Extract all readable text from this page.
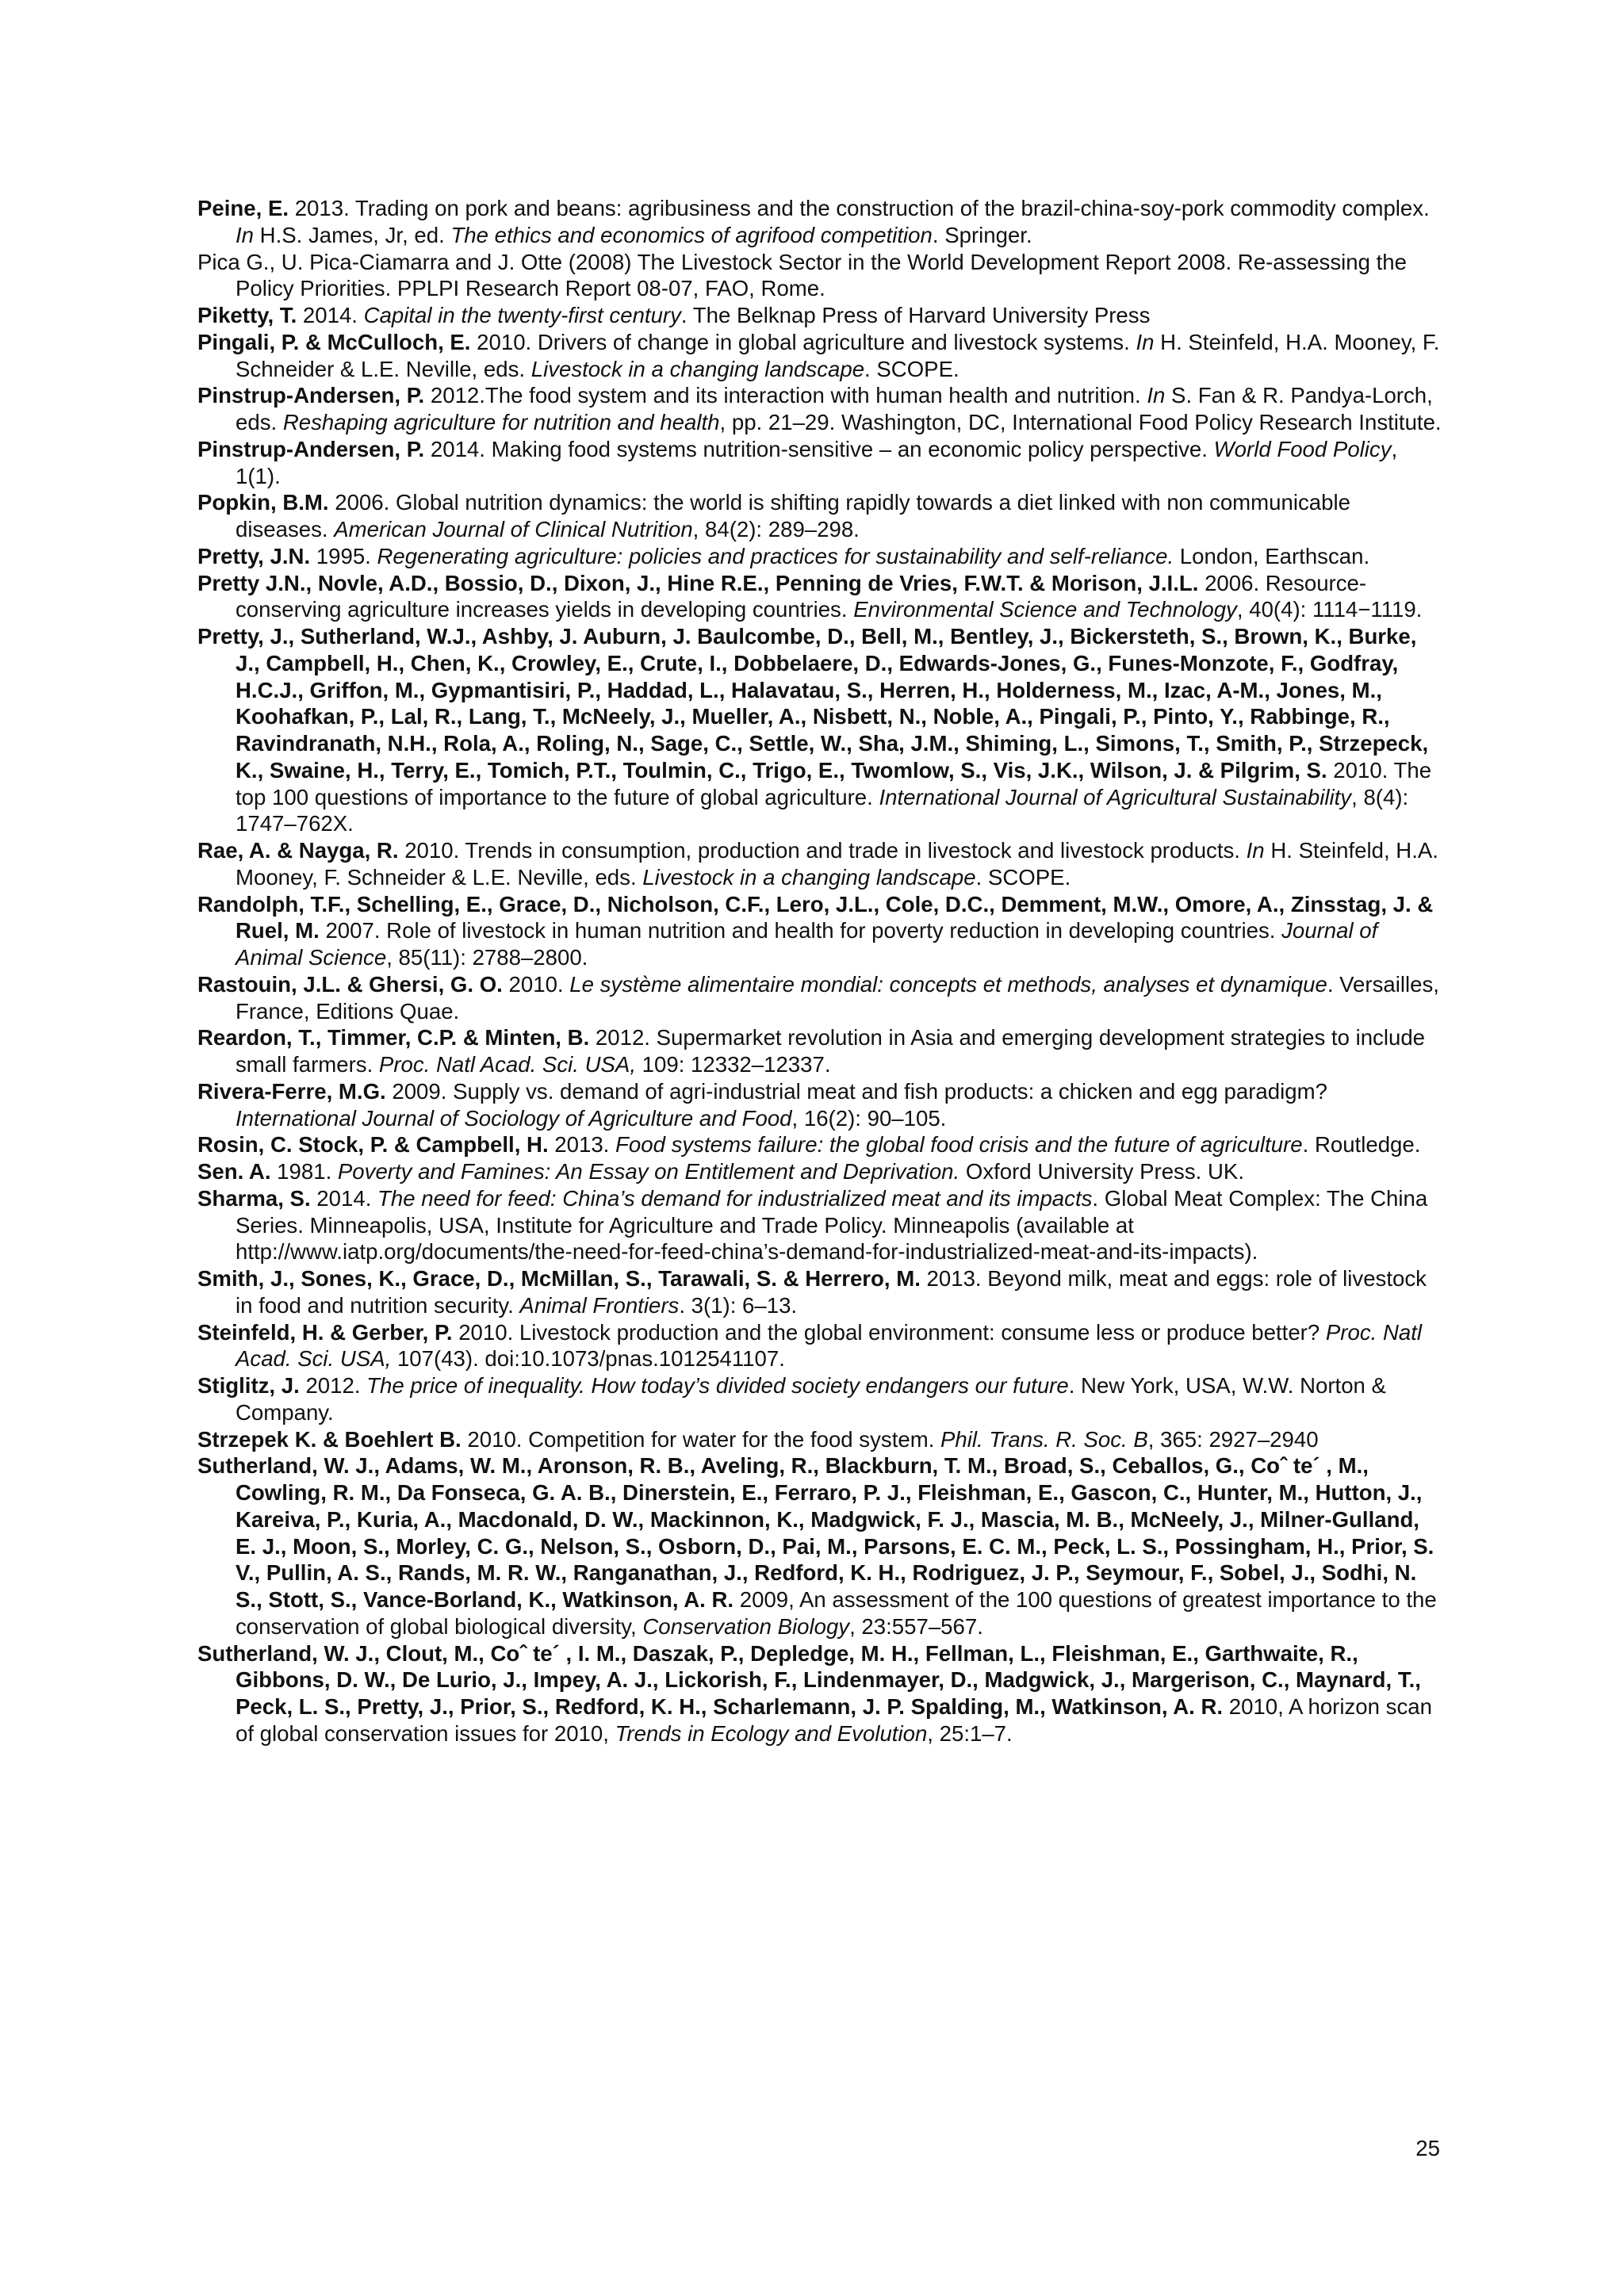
Peine, E. 2013. Trading on pork and beans: agribusiness and the construction of the brazil-china-soy-pork commodity complex. In H.S. James, Jr, ed. The ethics and economics of agrifood competition. Springer.

Pica G., U. Pica-Ciamarra and J. Otte (2008) The Livestock Sector in the World Development Report 2008. Re-assessing the Policy Priorities. PPLPI Research Report 08-07, FAO, Rome.

Piketty, T. 2014. Capital in the twenty-first century. The Belknap Press of Harvard University Press

Pingali, P. & McCulloch, E. 2010. Drivers of change in global agriculture and livestock systems. In H. Steinfeld, H.A. Mooney, F. Schneider & L.E. Neville, eds. Livestock in a changing landscape. SCOPE.

Pinstrup-Andersen, P. 2012.The food system and its interaction with human health and nutrition. In S. Fan & R. Pandya-Lorch, eds. Reshaping agriculture for nutrition and health, pp. 21–29. Washington, DC, International Food Policy Research Institute.

Pinstrup-Andersen, P. 2014. Making food systems nutrition-sensitive – an economic policy perspective. World Food Policy, 1(1).

Popkin, B.M. 2006. Global nutrition dynamics: the world is shifting rapidly towards a diet linked with non communicable diseases. American Journal of Clinical Nutrition, 84(2): 289–298.

Pretty, J.N. 1995. Regenerating agriculture: policies and practices for sustainability and self-reliance. London, Earthscan.

Pretty J.N., Novle, A.D., Bossio, D., Dixon, J., Hine R.E., Penning de Vries, F.W.T. & Morison, J.I.L. 2006. Resource-conserving agriculture increases yields in developing countries. Environmental Science and Technology, 40(4): 1114−1119.

Pretty, J., Sutherland, W.J., Ashby, J. Auburn, J. Baulcombe, D., Bell, M., Bentley, J., Bickersteth, S., Brown, K., Burke, J., Campbell, H., Chen, K., Crowley, E., Crute, I., Dobbelaere, D., Edwards-Jones, G., Funes-Monzote, F., Godfray, H.C.J., Griffon, M., Gypmantisiri, P., Haddad, L., Halavatau, S., Herren, H., Holderness, M., Izac, A-M., Jones, M., Koohafkan, P., Lal, R., Lang, T., McNeely, J., Mueller, A., Nisbett, N., Noble, A., Pingali, P., Pinto, Y., Rabbinge, R., Ravindranath, N.H., Rola, A., Roling, N., Sage, C., Settle, W., Sha, J.M., Shiming, L., Simons, T., Smith, P., Strzepeck, K., Swaine, H., Terry, E., Tomich, P.T., Toulmin, C., Trigo, E., Twomlow, S., Vis, J.K., Wilson, J. & Pilgrim, S. 2010. The top 100 questions of importance to the future of global agriculture. International Journal of Agricultural Sustainability, 8(4): 1747–762X.

Rae, A. & Nayga, R. 2010. Trends in consumption, production and trade in livestock and livestock products. In H. Steinfeld, H.A. Mooney, F. Schneider & L.E. Neville, eds. Livestock in a changing landscape. SCOPE.

Randolph, T.F., Schelling, E., Grace, D., Nicholson, C.F., Lero, J.L., Cole, D.C., Demment, M.W., Omore, A., Zinsstag, J. & Ruel, M. 2007. Role of livestock in human nutrition and health for poverty reduction in developing countries. Journal of Animal Science, 85(11): 2788–2800.

Rastouin, J.L. & Ghersi, G. O. 2010. Le système alimentaire mondial: concepts et methods, analyses et dynamique. Versailles, France, Editions Quae.

Reardon, T., Timmer, C.P. & Minten, B. 2012. Supermarket revolution in Asia and emerging development strategies to include small farmers. Proc. Natl Acad. Sci. USA, 109: 12332–12337.

Rivera-Ferre, M.G. 2009. Supply vs. demand of agri-industrial meat and fish products: a chicken and egg paradigm? International Journal of Sociology of Agriculture and Food, 16(2): 90–105.

Rosin, C. Stock, P. & Campbell, H. 2013. Food systems failure: the global food crisis and the future of agriculture. Routledge.

Sen. A. 1981. Poverty and Famines: An Essay on Entitlement and Deprivation. Oxford University Press. UK.

Sharma, S. 2014. The need for feed: China’s demand for industrialized meat and its impacts. Global Meat Complex: The China Series. Minneapolis, USA, Institute for Agriculture and Trade Policy. Minneapolis (available at http://www.iatp.org/documents/the-need-for-feed-china’s-demand-for-industrialized-meat-and-its-impacts).

Smith, J., Sones, K., Grace, D., McMillan, S., Tarawali, S. & Herrero, M. 2013. Beyond milk, meat and eggs: role of livestock in food and nutrition security. Animal Frontiers. 3(1): 6–13.

Steinfeld, H. & Gerber, P. 2010. Livestock production and the global environment: consume less or produce better? Proc. Natl Acad. Sci. USA, 107(43). doi:10.1073/pnas.1012541107.

Stiglitz, J. 2012. The price of inequality. How today’s divided society endangers our future. New York, USA, W.W. Norton & Company.

Strzepek K. & Boehlert B. 2010. Competition for water for the food system. Phil. Trans. R. Soc. B, 365: 2927–2940

Sutherland, W. J., Adams, W. M., Aronson, R. B., Aveling, R., Blackburn, T. M., Broad, S., Ceballos, G., Coˆ te´ , M., Cowling, R. M., Da Fonseca, G. A. B., Dinerstein, E., Ferraro, P. J., Fleishman, E., Gascon, C., Hunter, M., Hutton, J., Kareiva, P., Kuria, A., Macdonald, D. W., Mackinnon, K., Madgwick, F. J., Mascia, M. B., McNeely, J., Milner-Gulland, E. J., Moon, S., Morley, C. G., Nelson, S., Osborn, D., Pai, M., Parsons, E. C. M., Peck, L. S., Possingham, H., Prior, S. V., Pullin, A. S., Rands, M. R. W., Ranganathan, J., Redford, K. H., Rodriguez, J. P., Seymour, F., Sobel, J., Sodhi, N. S., Stott, S., Vance-Borland, K., Watkinson, A. R. 2009, An assessment of the 100 questions of greatest importance to the conservation of global biological diversity, Conservation Biology, 23:557–567.

Sutherland, W. J., Clout, M., Coˆ te´ , I. M., Daszak, P., Depledge, M. H., Fellman, L., Fleishman, E., Garthwaite, R., Gibbons, D. W., De Lurio, J., Impey, A. J., Lickorish, F., Lindenmayer, D., Madgwick, J., Margerison, C., Maynard, T., Peck, L. S., Pretty, J., Prior, S., Redford, K. H., Scharlemann, J. P. Spalding, M., Watkinson, A. R. 2010, A horizon scan of global conservation issues for 2010, Trends in Ecology and Evolution, 25:1–7.

25
